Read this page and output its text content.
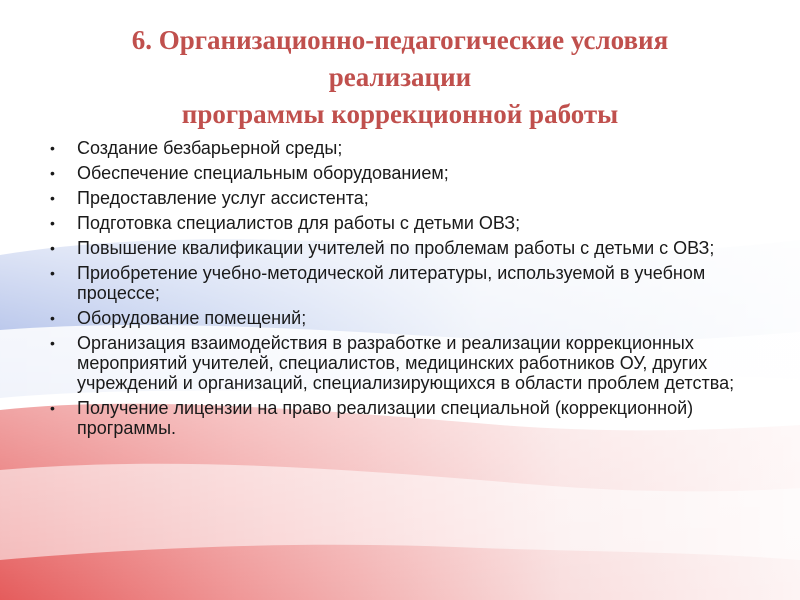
6. Организационно-педагогические условия
реализации
программы коррекционной работы
• Создание безбарьерной среды;
• Обеспечение специальным оборудованием;
• Предоставление услуг ассистента;
• Подготовка специалистов для работы с детьми ОВЗ;
• Повышение квалификации учителей по проблемам работы с детьми с ОВЗ;
• Приобретение учебно-методической литературы, используемой в учебном процессе;
• Оборудование помещений;
• Организация взаимодействия в разработке и реализации коррекционных мероприятий учителей, специалистов, медицинских работников ОУ, других учреждений и организаций, специализирующихся в области проблем детства;
• Получение лицензии на право реализации специальной (коррекционной) программы.
